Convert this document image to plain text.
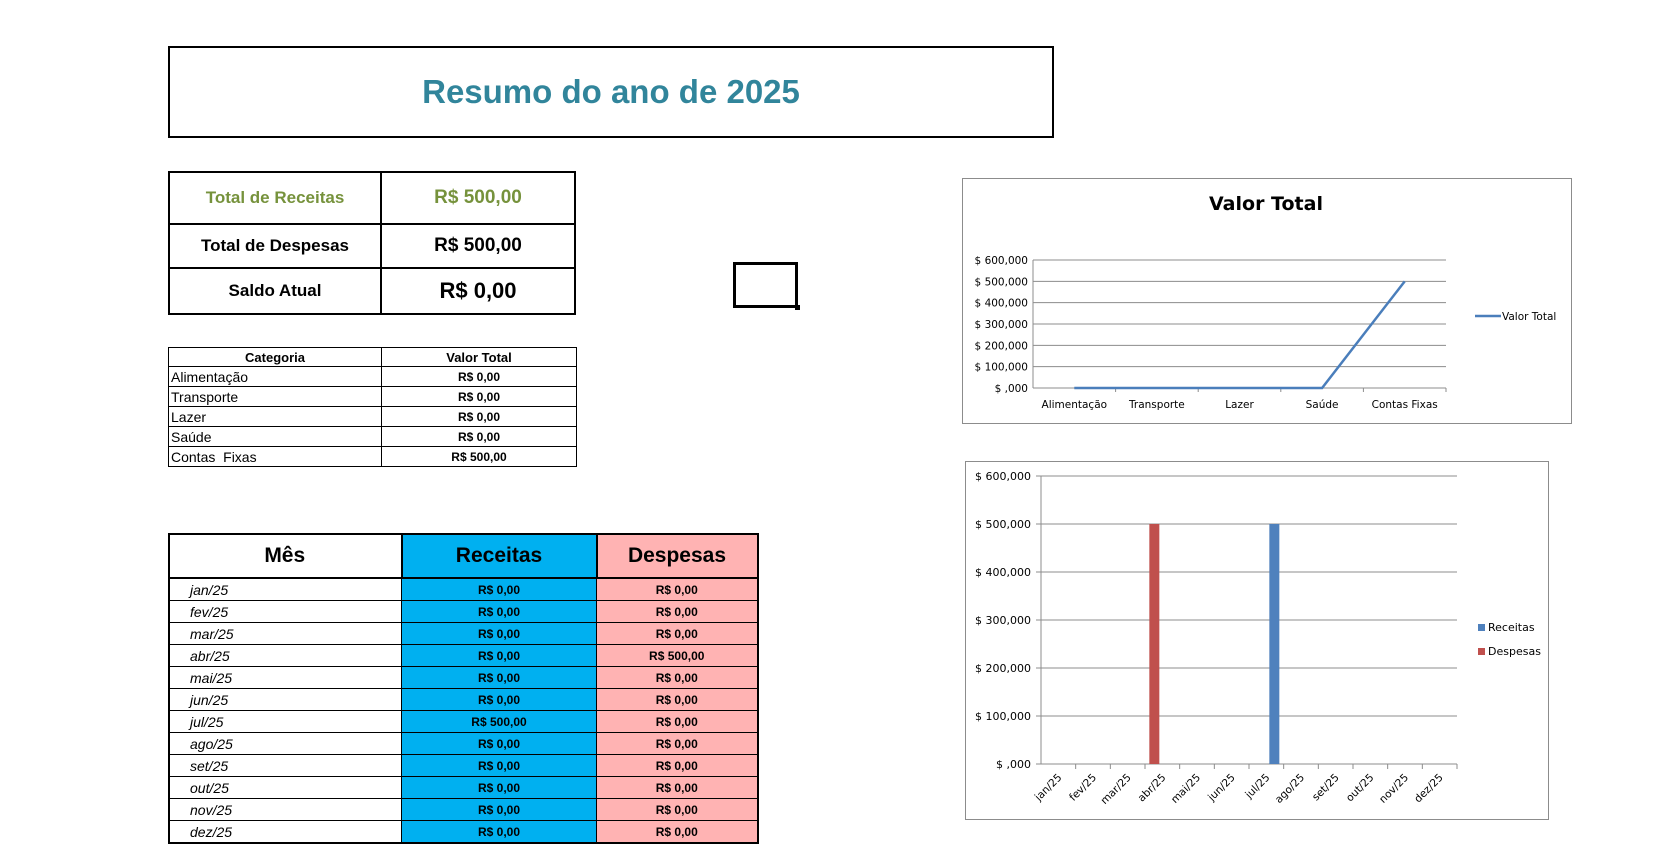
Resumo do ano de 2025
Total de Receitas	R$ 500,00
Total de Despesas	R$ 500,00
Saldo Atual	R$ 0,00
Categoria	Valor Total
Alimentação	R$ 0,00
Transporte	R$ 0,00
Lazer	R$ 0,00
Saúde	R$ 0,00
Contas  Fixas	R$ 500,00
Mês	Receitas	Despesas
jan/25	R$ 0,00	R$ 0,00
fev/25	R$ 0,00	R$ 0,00
mar/25	R$ 0,00	R$ 0,00
abr/25	R$ 0,00	R$ 500,00
mai/25	R$ 0,00	R$ 0,00
jun/25	R$ 0,00	R$ 0,00
jul/25	R$ 500,00	R$ 0,00
ago/25	R$ 0,00	R$ 0,00
set/25	R$ 0,00	R$ 0,00
out/25	R$ 0,00	R$ 0,00
nov/25	R$ 0,00	R$ 0,00
dez/25	R$ 0,00	R$ 0,00
Valor Total
$ ,000
$ 100,000
$ 200,000
$ 300,000
$ 400,000
$ 500,000
$ 600,000
Alimentação Transporte	Lazer	Saúde	Contas Fixas
Valor Total
$ ,000
$ 100,000
$ 200,000
$ 300,000
$ 400,000
$ 500,000
$ 600,000
jan/25 fev/25 mar/25 abr/25 mai/25 jun/25 jul/25 ago/25 set/25 out/25 nov/25 dez/25
Receitas
Despesas
